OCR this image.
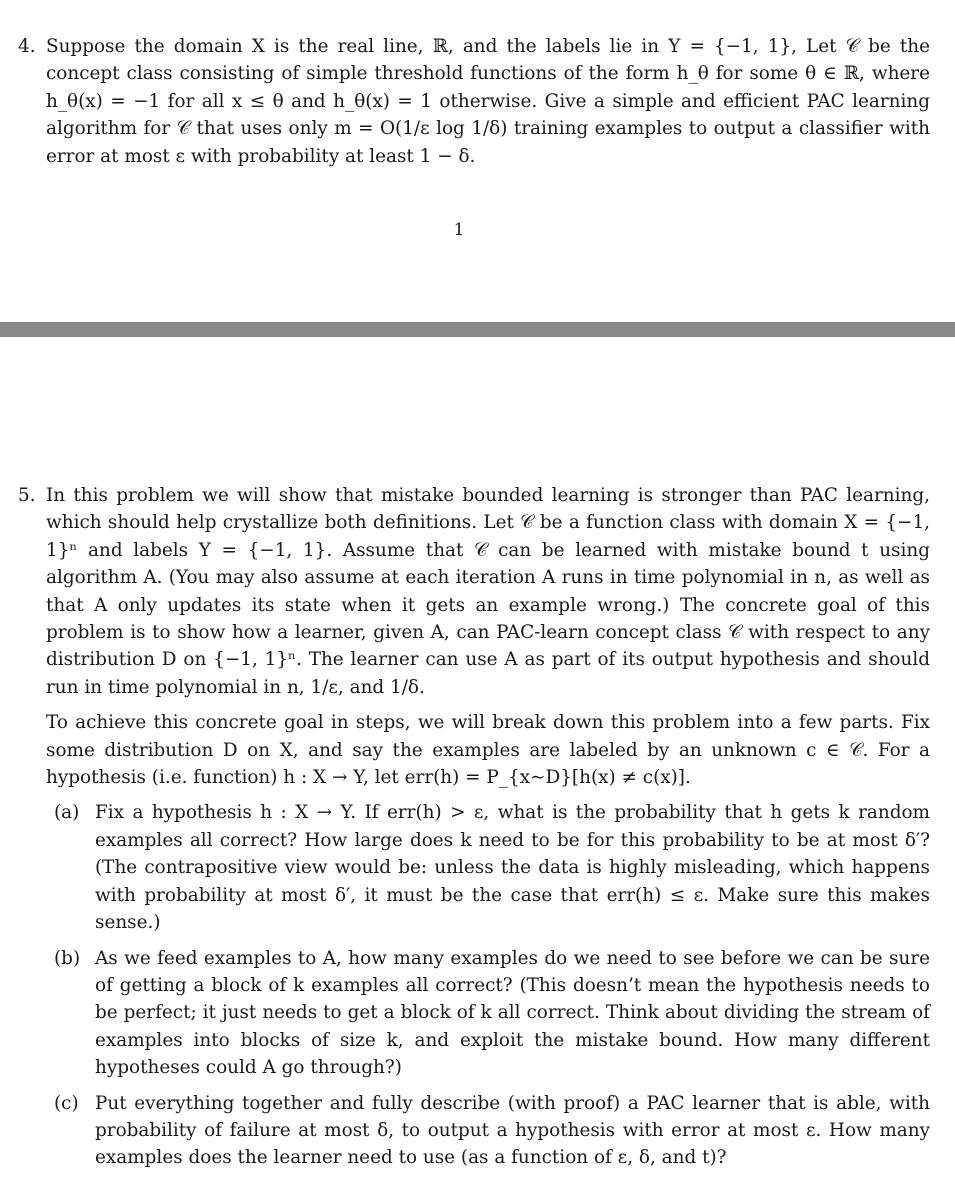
4. Suppose the domain X is the real line, ℝ, and the labels lie in Y = {−1, 1}, Let 𝒞 be the concept class consisting of simple threshold functions of the form h_θ for some θ ∈ ℝ, where h_θ(x) = −1 for all x ≤ θ and h_θ(x) = 1 otherwise. Give a simple and efficient PAC learning algorithm for 𝒞 that uses only m = O(1/ε log 1/δ) training examples to output a classifier with error at most ε with probability at least 1 − δ.

1
5. In this problem we will show that mistake bounded learning is stronger than PAC learning, which should help crystallize both definitions. Let 𝒞 be a function class with domain X = {−1, 1}ⁿ and labels Y = {−1, 1}. Assume that 𝒞 can be learned with mistake bound t using algorithm A. (You may also assume at each iteration A runs in time polynomial in n, as well as that A only updates its state when it gets an example wrong.) The concrete goal of this problem is to show how a learner, given A, can PAC-learn concept class 𝒞 with respect to any distribution D on {−1, 1}ⁿ. The learner can use A as part of its output hypothesis and should run in time polynomial in n, 1/ε, and 1/δ.

To achieve this concrete goal in steps, we will break down this problem into a few parts. Fix some distribution D on X, and say the examples are labeled by an unknown c ∈ 𝒞. For a hypothesis (i.e. function) h : X → Y, let err(h) = P_{x∼D}[h(x) ≠ c(x)].

(a) Fix a hypothesis h : X → Y. If err(h) > ε, what is the probability that h gets k random examples all correct? How large does k need to be for this probability to be at most δ′? (The contrapositive view would be: unless the data is highly misleading, which happens with probability at most δ′, it must be the case that err(h) ≤ ε. Make sure this makes sense.)
(b) As we feed examples to A, how many examples do we need to see before we can be sure of getting a block of k examples all correct? (This doesn’t mean the hypothesis needs to be perfect; it just needs to get a block of k all correct. Think about dividing the stream of examples into blocks of size k, and exploit the mistake bound. How many different hypotheses could A go through?)
(c) Put everything together and fully describe (with proof) a PAC learner that is able, with probability of failure at most δ, to output a hypothesis with error at most ε. How many examples does the learner need to use (as a function of ε, δ, and t)?
